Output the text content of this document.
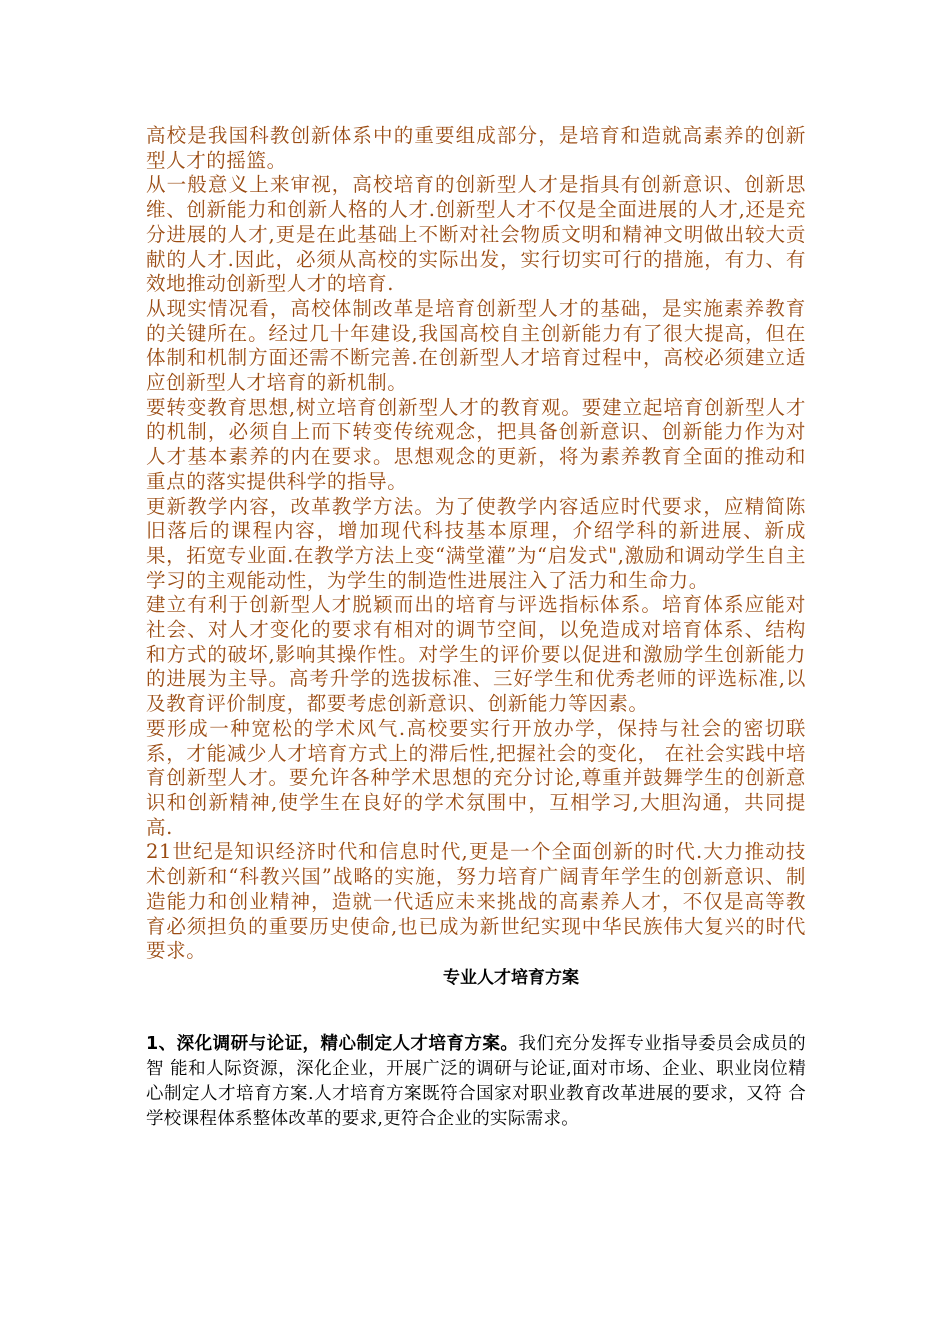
高校是我国科教创新体系中的重要组成部分，是培育和造就高素养的创新型人才的摇篮。

从一般意义上来审视，高校培育的创新型人才是指具有创新意识、创新思维、创新能力和创新人格的人才.创新型人才不仅是全面进展的人才,还是充分进展的人才,更是在此基础上不断对社会物质文明和精神文明做出较大贡献的人才.因此，必须从高校的实际出发，实行切实可行的措施，有力、有效地推动创新型人才的培育.

从现实情况看，高校体制改革是培育创新型人才的基础，是实施素养教育的关键所在。经过几十年建设,我国高校自主创新能力有了很大提高，但在体制和机制方面还需不断完善.在创新型人才培育过程中，高校必须建立适应创新型人才培育的新机制。

要转变教育思想,树立培育创新型人才的教育观。要建立起培育创新型人才的机制，必须自上而下转变传统观念，把具备创新意识、创新能力作为对人才基本素养的内在要求。思想观念的更新，将为素养教育全面的推动和重点的落实提供科学的指导。

更新教学内容，改革教学方法。为了使教学内容适应时代要求，应精简陈旧落后的课程内容，增加现代科技基本原理，介绍学科的新进展、新成果，拓宽专业面.在教学方法上变“满堂灌”为“启发式",激励和调动学生自主学习的主观能动性，为学生的制造性进展注入了活力和生命力。

建立有利于创新型人才脱颖而出的培育与评选指标体系。培育体系应能对社会、对人才变化的要求有相对的调节空间，以免造成对培育体系、结构和方式的破坏,影响其操作性。对学生的评价要以促进和激励学生创新能力的进展为主导。高考升学的选拔标准、三好学生和优秀老师的评选标准,以及教育评价制度，都要考虑创新意识、创新能力等因素。

要形成一种宽松的学术风气.高校要实行开放办学，保持与社会的密切联系，才能减少人才培育方式上的滞后性,把握社会的变化， 在社会实践中培育创新型人才。要允许各种学术思想的充分讨论,尊重并鼓舞学生的创新意识和创新精神,使学生在良好的学术氛围中，互相学习,大胆沟通，共同提高.

21世纪是知识经济时代和信息时代,更是一个全面创新的时代.大力推动技术创新和“科教兴国”战略的实施，努力培育广阔青年学生的创新意识、制造能力和创业精神，造就一代适应未来挑战的高素养人才，不仅是高等教育必须担负的重要历史使命,也已成为新世纪实现中华民族伟大复兴的时代要求。

专业人才培育方案

1、深化调研与论证，精心制定人才培育方案。我们充分发挥专业指导委员会成员的智 能和人际资源，深化企业，开展广泛的调研与论证,面对市场、企业、职业岗位精心制定人才培育方案.人才培育方案既符合国家对职业教育改革进展的要求，又符 合学校课程体系整体改革的要求,更符合企业的实际需求。
